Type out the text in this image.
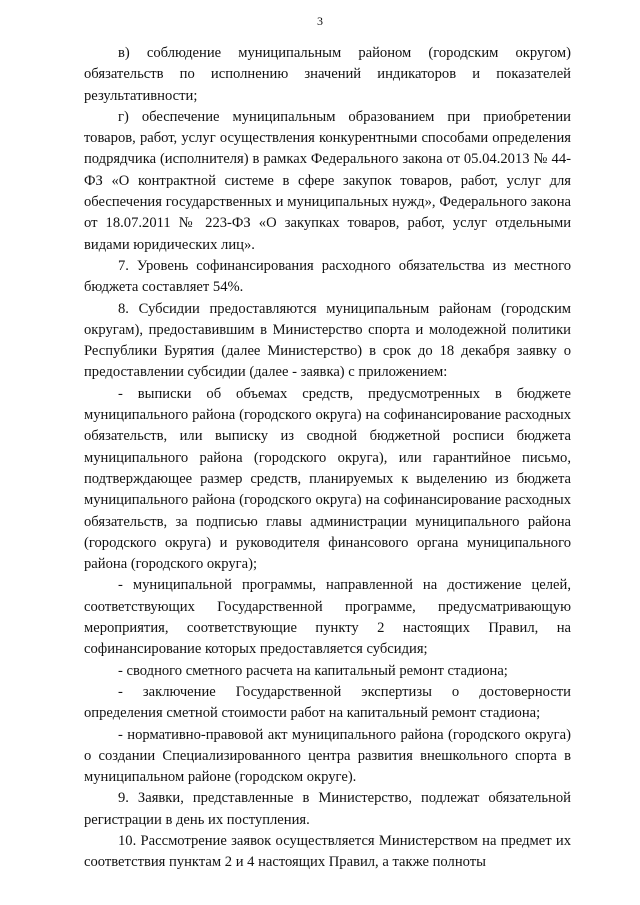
3

в) соблюдение муниципальным районом (городским округом) обязательств по исполнению значений индикаторов и показателей результативности;

г) обеспечение муниципальным образованием при приобретении товаров, работ, услуг осуществления конкурентными способами определения подрядчика (исполнителя) в рамках Федерального закона от 05.04.2013 № 44-ФЗ «О контрактной системе в сфере закупок товаров, работ, услуг для обеспечения государственных и муниципальных нужд», Федерального закона от 18.07.2011 № 223-ФЗ «О закупках товаров, работ, услуг отдельными видами юридических лиц».

7. Уровень софинансирования расходного обязательства из местного бюджета составляет 54%.

8. Субсидии предоставляются муниципальным районам (городским округам), предоставившим в Министерство спорта и молодежной политики Республики Бурятия (далее Министерство) в срок до 18 декабря заявку о предоставлении субсидии (далее - заявка) с приложением:

- выписки об объемах средств, предусмотренных в бюджете муниципального района (городского округа) на софинансирование расходных обязательств, или выписку из сводной бюджетной росписи бюджета муниципального района (городского округа), или гарантийное письмо, подтверждающее размер средств, планируемых к выделению из бюджета муниципального района (городского округа) на софинансирование расходных обязательств, за подписью главы администрации муниципального района (городского округа) и руководителя финансового органа муниципального района (городского округа);

- муниципальной программы, направленной на достижение целей, соответствующих Государственной программе, предусматривающую мероприятия, соответствующие пункту 2 настоящих Правил, на софинансирование которых предоставляется субсидия;

- сводного сметного расчета на капитальный ремонт стадиона;

- заключение Государственной экспертизы о достоверности определения сметной стоимости работ на капитальный ремонт стадиона;

- нормативно-правовой акт муниципального района (городского округа) о создании Специализированного центра развития внешкольного спорта в муниципальном районе (городском округе).

9. Заявки, представленные в Министерство, подлежат обязательной регистрации в день их поступления.

10. Рассмотрение заявок осуществляется Министерством на предмет их соответствия пунктам 2 и 4 настоящих Правил, а также полноты
